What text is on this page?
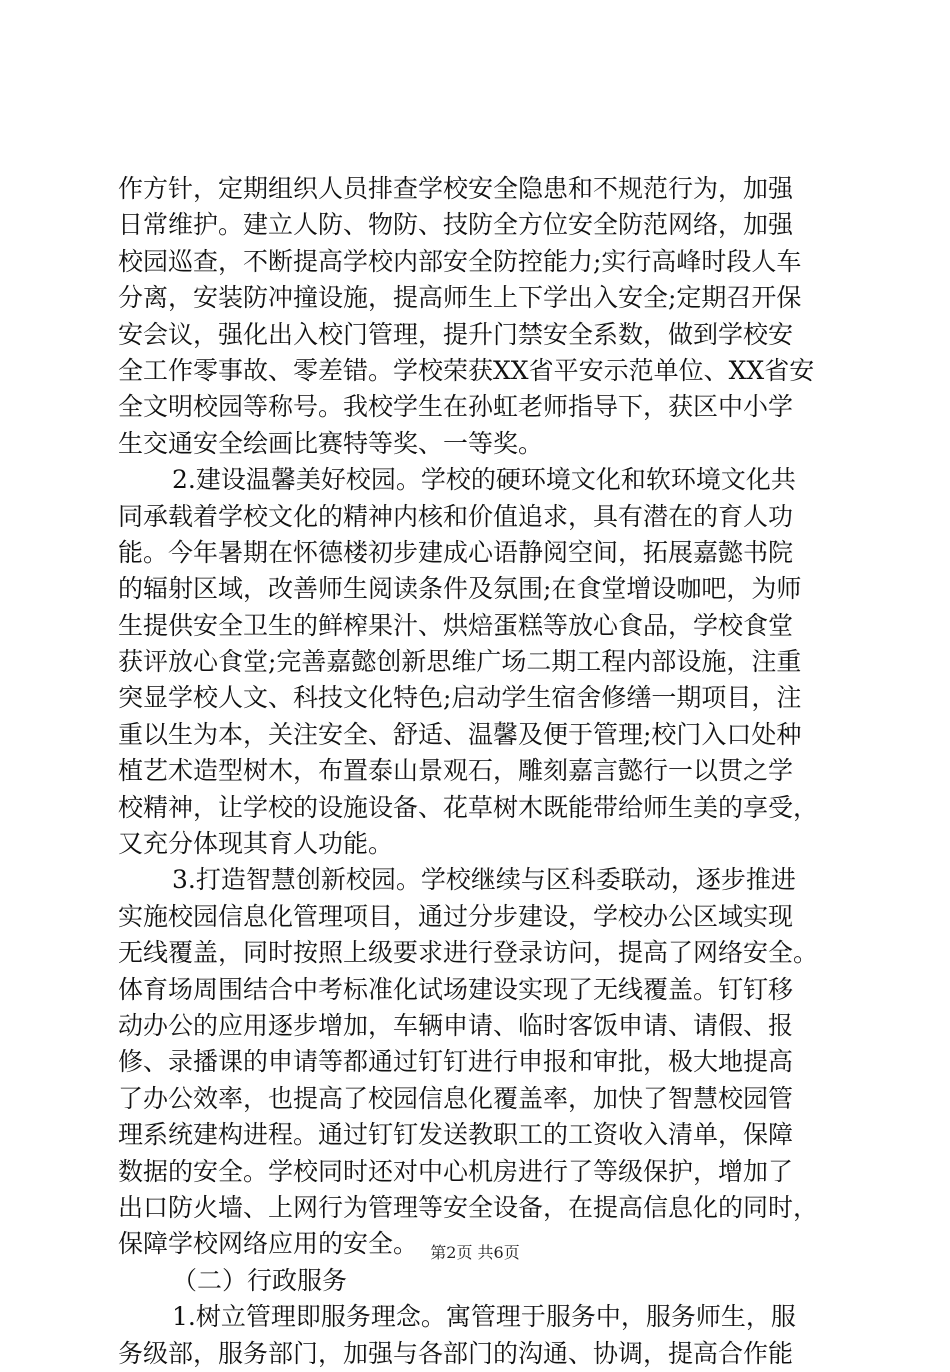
作方针，定期组织人员排查学校安全隐患和不规范行为，加强
日常维护。建立人防、物防、技防全方位安全防范网络，加强
校园巡查，不断提高学校内部安全防控能力;实行高峰时段人车
分离，安装防冲撞设施，提高师生上下学出入安全;定期召开保
安会议，强化出入校门管理，提升门禁安全系数，做到学校安
全工作零事故、零差错。学校荣获XX省平安示范单位、XX省安
全文明校园等称号。我校学生在孙虹老师指导下，获区中小学
生交通安全绘画比赛特等奖、一等奖。
2.建设温馨美好校园。学校的硬环境文化和软环境文化共
同承载着学校文化的精神内核和价值追求，具有潜在的育人功
能。今年暑期在怀德楼初步建成心语静阅空间，拓展嘉懿书院
的辐射区域，改善师生阅读条件及氛围;在食堂增设咖吧，为师
生提供安全卫生的鲜榨果汁、烘焙蛋糕等放心食品，学校食堂
获评放心食堂;完善嘉懿创新思维广场二期工程内部设施，注重
突显学校人文、科技文化特色;启动学生宿舍修缮一期项目，注
重以生为本，关注安全、舒适、温馨及便于管理;校门入口处种
植艺术造型树木，布置泰山景观石，雕刻嘉言懿行一以贯之学
校精神，让学校的设施设备、花草树木既能带给师生美的享受，
又充分体现其育人功能。
3.打造智慧创新校园。学校继续与区科委联动，逐步推进
实施校园信息化管理项目，通过分步建设，学校办公区域实现
无线覆盖，同时按照上级要求进行登录访问，提高了网络安全。
体育场周围结合中考标准化试场建设实现了无线覆盖。钉钉移
动办公的应用逐步增加，车辆申请、临时客饭申请、请假、报
修、录播课的申请等都通过钉钉进行申报和审批，极大地提高
了办公效率，也提高了校园信息化覆盖率，加快了智慧校园管
理系统建构进程。通过钉钉发送教职工的工资收入清单，保障
数据的安全。学校同时还对中心机房进行了等级保护，增加了
出口防火墙、上网行为管理等安全设备，在提高信息化的同时，
保障学校网络应用的安全。
（二）行政服务
1.树立管理即服务理念。寓管理于服务中，服务师生，服
务级部，服务部门，加强与各部门的沟通、协调，提高合作能
第2页 共6页
